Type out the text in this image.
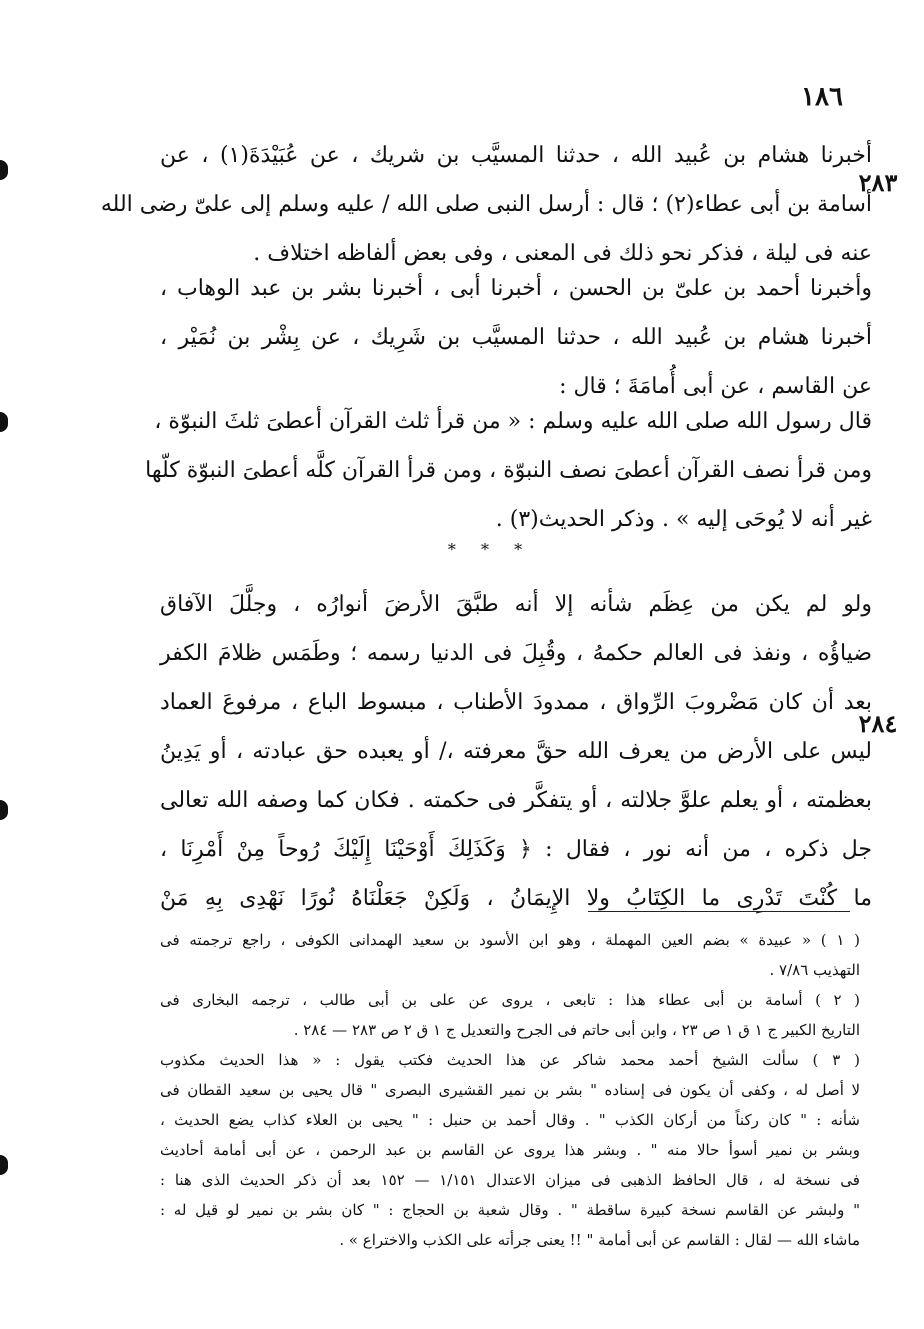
١٨٦
٢٨٣
٢٨٤
أخبرنا هشام بن عُبيد الله ، حدثنا المسيَّب بن شريك ، عن عُبَيْدَةَ(١) ، عن
أسامة بن أبى عطاء(٢) ؛ قال : أرسل النبى صلى الله / عليه وسلم إلى علىّ رضى الله
عنه فى ليلة ، فذكر نحو ذلك فى المعنى ، وفى بعض ألفاظه اختلاف .
وأخبرنا أحمد بن علىّ بن الحسن ، أخبرنا أبى ، أخبرنا بشر بن عبد الوهاب ،
أخبرنا هشام بن عُبيد الله ، حدثنا المسيَّب بن شَرِيك ، عن بِشْر بن نُمَيْر ،
عن القاسم ، عن أبى أُمامَةَ ؛ قال :
قال رسول الله صلى الله عليه وسلم : « من قرأ ثلث القرآن أعطىَ ثلثَ النبوّة ،
ومن قرأ نصف القرآن أعطىَ نصف النبوّة ، ومن قرأ القرآن كلَّه أعطىَ النبوّة كلّها
غير أنه لا يُوحَى إليه » . وذكر الحديث(٣) .
* * *
ولو لم يكن من عِظَم شأنه إلا أنه طبَّقَ الأرضَ أنوارُه ، وجلَّلَ الآفاق
ضياؤُه ، ونفذ فى العالم حكمهُ ، وقُبِلَ فى الدنيا رسمه ؛ وطَمَس ظلامَ الكفر
بعد أن كان مَضْروبَ الرِّواق ، ممدودَ الأطناب ، مبسوط الباع ، مرفوعَ العماد
ليس على الأرض من يعرف الله حقَّ معرفته ،/ أو يعبده حق عبادته ، أو يَدِينُ
بعظمته ، أو يعلم علوَّ جلالته ، أو يتفكَّر فى حكمته . فكان كما وصفه الله تعالى
جل ذكره ، من أنه نور ، فقال : ﴿ وَكَذَلِكَ أَوْحَيْنَا إِلَيْكَ رُوحاً مِنْ أَمْرِنَا ،
ما كُنْتَ تَدْرِى ما الكِتَابُ ولا الإِيمَانُ ، وَلَكِنْ جَعَلْنَاهُ نُورًا نَهْدِى بِهِ مَنْ
( ١ ) « عبيدة » بضم العين المهملة ، وهو ابن الأسود بن سعيد الهمدانى الكوفى ، راجع ترجمته فى
التهذيب ٧/٨٦ .
( ٢ ) أسامة بن أبى عطاء هذا : تابعى ، يروى عن على بن أبى طالب ، ترجمه البخارى فى
التاريخ الكبير ج ١ ق ١ ص ٢٣ ، وابن أبى حاتم فى الجرح والتعديل ج ١ ق ٢ ص ٢٨٣ — ٢٨٤ .
( ٣ ) سألت الشيخ أحمد محمد شاكر عن هذا الحديث فكتب يقول : « هذا الحديث مكذوب
لا أصل له ، وكفى أن يكون فى إسناده " بشر بن نمير القشيرى البصرى " قال يحيى بن سعيد القطان فى
شأنه : " كان ركناً من أركان الكذب " . وقال أحمد بن حنبل : " يحيى بن العلاء كذاب يضع الحديث ،
وبشر بن نمير أسوأ حالا منه " . وبشر هذا يروى عن القاسم بن عبد الرحمن ، عن أبى أمامة أحاديث
فى نسخة له ، قال الحافظ الذهبى فى ميزان الاعتدال ١/١٥١ — ١٥٢ بعد أن ذكر الحديث الذى هنا :
" ولبشر عن القاسم نسخة كبيرة ساقطة " . وقال شعبة بن الحجاج : " كان بشر بن نمير لو قيل له :
ماشاء الله — لقال : القاسم عن أبى أمامة " !! يعنى جرأته على الكذب والاختراع » .
